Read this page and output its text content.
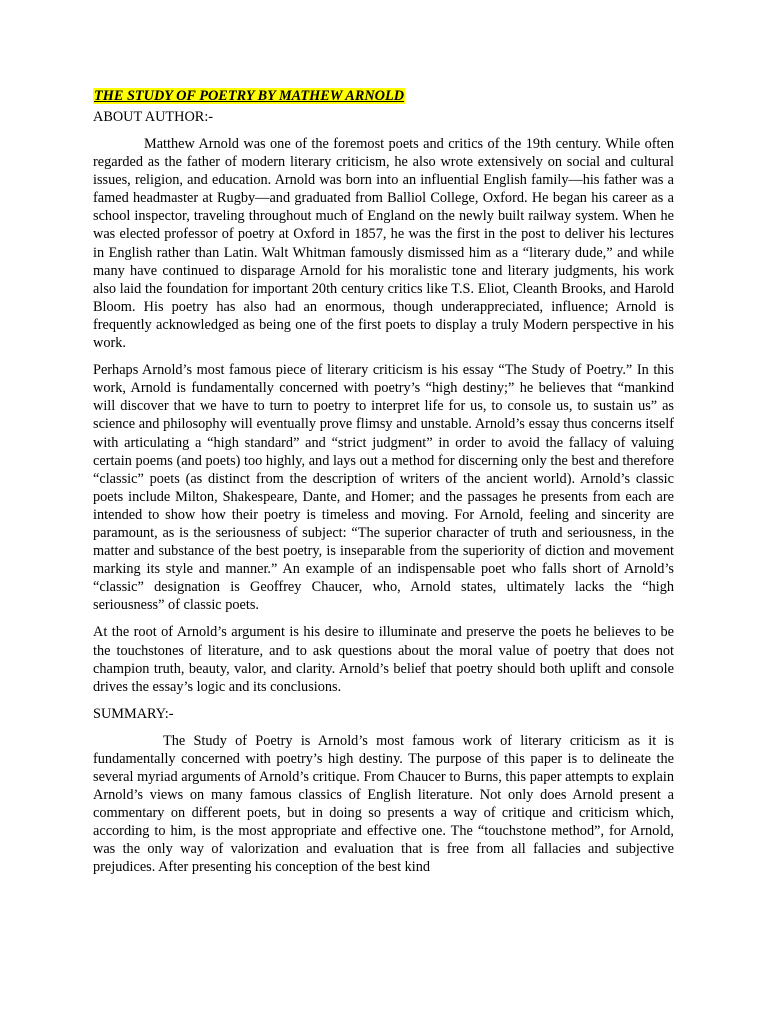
THE STUDY OF POETRY BY MATHEW ARNOLD
ABOUT AUTHOR:-

Matthew Arnold was one of the foremost poets and critics of the 19th century. While often regarded as the father of modern literary criticism, he also wrote extensively on social and cultural issues, religion, and education. Arnold was born into an influential English family—his father was a famed headmaster at Rugby—and graduated from Balliol College, Oxford. He began his career as a school inspector, traveling throughout much of England on the newly built railway system. When he was elected professor of poetry at Oxford in 1857, he was the first in the post to deliver his lectures in English rather than Latin. Walt Whitman famously dismissed him as a “literary dude,” and while many have continued to disparage Arnold for his moralistic tone and literary judgments, his work also laid the foundation for important 20th century critics like T.S. Eliot, Cleanth Brooks, and Harold Bloom. His poetry has also had an enormous, though underappreciated, influence; Arnold is frequently acknowledged as being one of the first poets to display a truly Modern perspective in his work.

Perhaps Arnold’s most famous piece of literary criticism is his essay “The Study of Poetry.” In this work, Arnold is fundamentally concerned with poetry’s “high destiny;” he believes that “mankind will discover that we have to turn to poetry to interpret life for us, to console us, to sustain us” as science and philosophy will eventually prove flimsy and unstable. Arnold’s essay thus concerns itself with articulating a “high standard” and “strict judgment” in order to avoid the fallacy of valuing certain poems (and poets) too highly, and lays out a method for discerning only the best and therefore “classic” poets (as distinct from the description of writers of the ancient world). Arnold’s classic poets include Milton, Shakespeare, Dante, and Homer; and the passages he presents from each are intended to show how their poetry is timeless and moving. For Arnold, feeling and sincerity are paramount, as is the seriousness of subject: “The superior character of truth and seriousness, in the matter and substance of the best poetry, is inseparable from the superiority of diction and movement marking its style and manner.” An example of an indispensable poet who falls short of Arnold’s “classic” designation is Geoffrey Chaucer, who, Arnold states, ultimately lacks the “high seriousness” of classic poets.

At the root of Arnold’s argument is his desire to illuminate and preserve the poets he believes to be the touchstones of literature, and to ask questions about the moral value of poetry that does not champion truth, beauty, valor, and clarity. Arnold’s belief that poetry should both uplift and console drives the essay’s logic and its conclusions.

SUMMARY:-

The Study of Poetry is Arnold’s most famous work of literary criticism as it is fundamentally concerned with poetry’s high destiny. The purpose of this paper is to delineate the several myriad arguments of Arnold’s critique. From Chaucer to Burns, this paper attempts to explain Arnold’s views on many famous classics of English literature. Not only does Arnold present a commentary on different poets, but in doing so presents a way of critique and criticism which, according to him, is the most appropriate and effective one. The “touchstone method”, for Arnold, was the only way of valorization and evaluation that is free from all fallacies and subjective prejudices. After presenting his conception of the best kind
